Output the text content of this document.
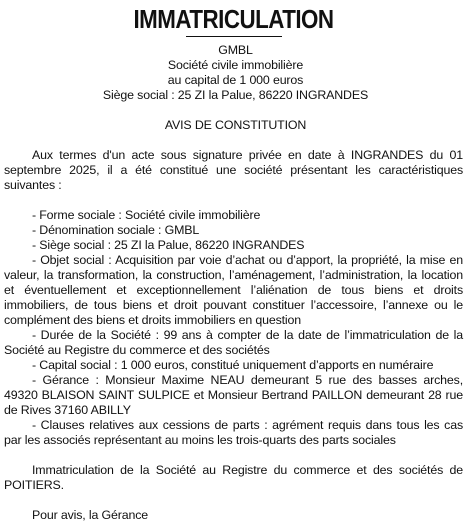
IMMATRICULATION
GMBL
Société civile immobilière
au capital de 1 000 euros
Siège social : 25 ZI la Palue, 86220 INGRANDES
AVIS DE CONSTITUTION

Aux termes d'un acte sous signature privée en date à INGRANDES du 01 septembre 2025, il a été constitué une société présentant les caractéristiques suivantes :

- Forme sociale : Société civile immobilière

- Dénomination sociale : GMBL

- Siège social : 25 ZI la Palue, 86220 INGRANDES

- Objet social : Acquisition par voie d’achat ou d’apport, la propriété, la mise en valeur, la transformation, la construction, l’aménagement, l’administration, la location et éventuellement et exceptionnellement l’aliénation de tous biens et droits immobiliers, de tous biens et droit pouvant constituer l’accessoire, l’annexe ou le complément des biens et droits immobiliers en question

- Durée de la Société : 99 ans à compter de la date de l’immatriculation de la Société au Registre du commerce et des sociétés

- Capital social : 1 000 euros, constitué uniquement d’apports en numéraire

- Gérance : Monsieur Maxime NEAU demeurant 5 rue des basses arches, 49320 BLAISON SAINT SULPICE et Monsieur Bertrand PAILLON demeurant 28 rue de Rives 37160 ABILLY

- Clauses relatives aux cessions de parts : agrément requis dans tous les cas par les associés représentant au moins les trois-quarts des parts sociales

Immatriculation de la Société au Registre du commerce et des sociétés de POITIERS.

Pour avis, la Gérance
